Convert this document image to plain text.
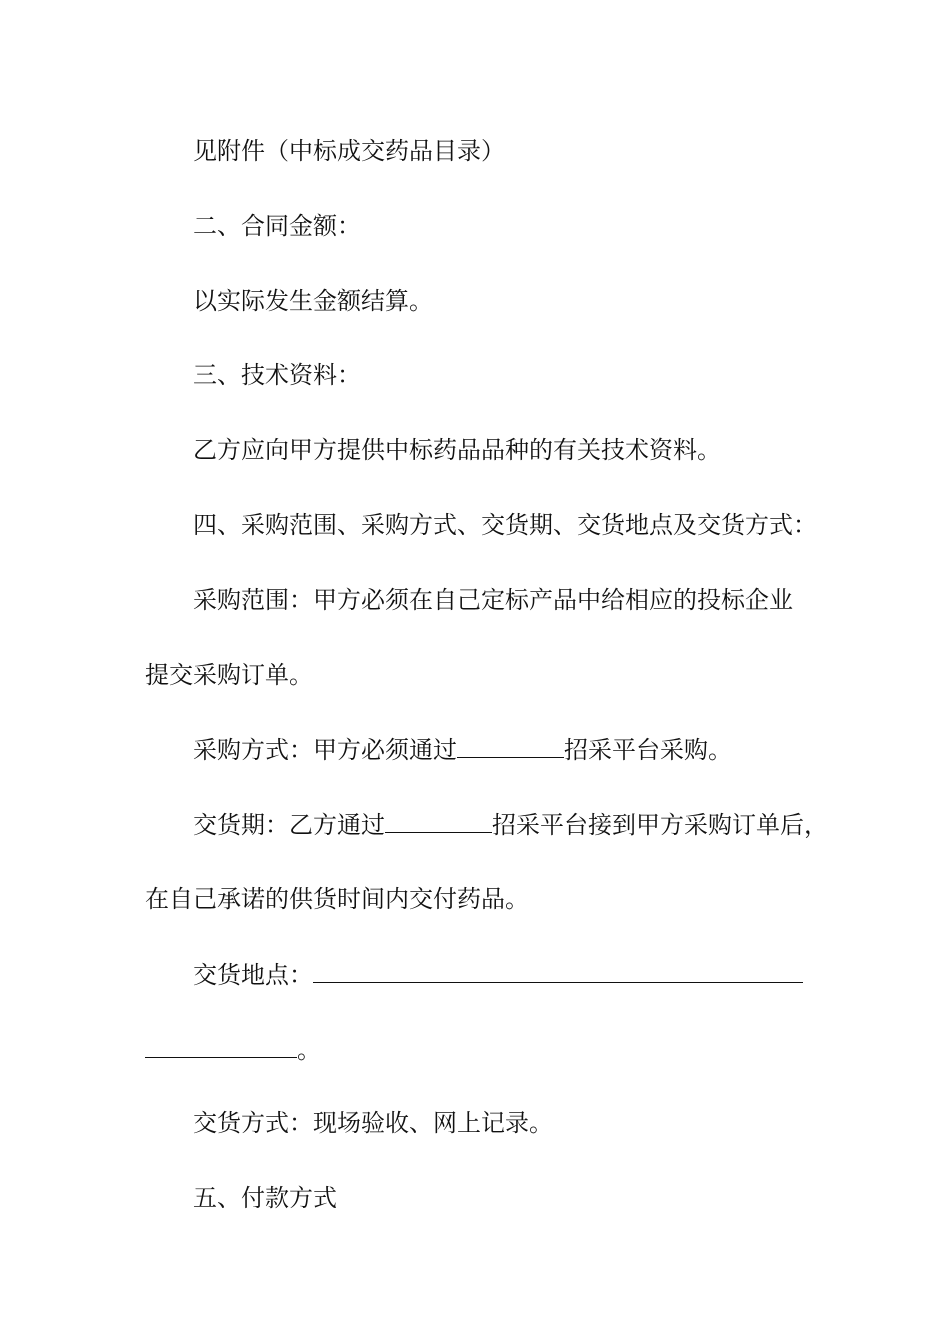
见附件（中标成交药品目录）
二、合同金额：
以实际发生金额结算。
三、技术资料：
乙方应向甲方提供中标药品品种的有关技术资料。
四、采购范围、采购方式、交货期、交货地点及交货方式：
采购范围：甲方必须在自己定标产品中给相应的投标企业
提交采购订单。
采购方式：甲方必须通过	招采平台采购。
交货期：乙方通过	招采平台接到甲方采购订单后，
在自己承诺的供货时间内交付药品。
交货地点：
。
交货方式：现场验收、网上记录。
五、付款方式
